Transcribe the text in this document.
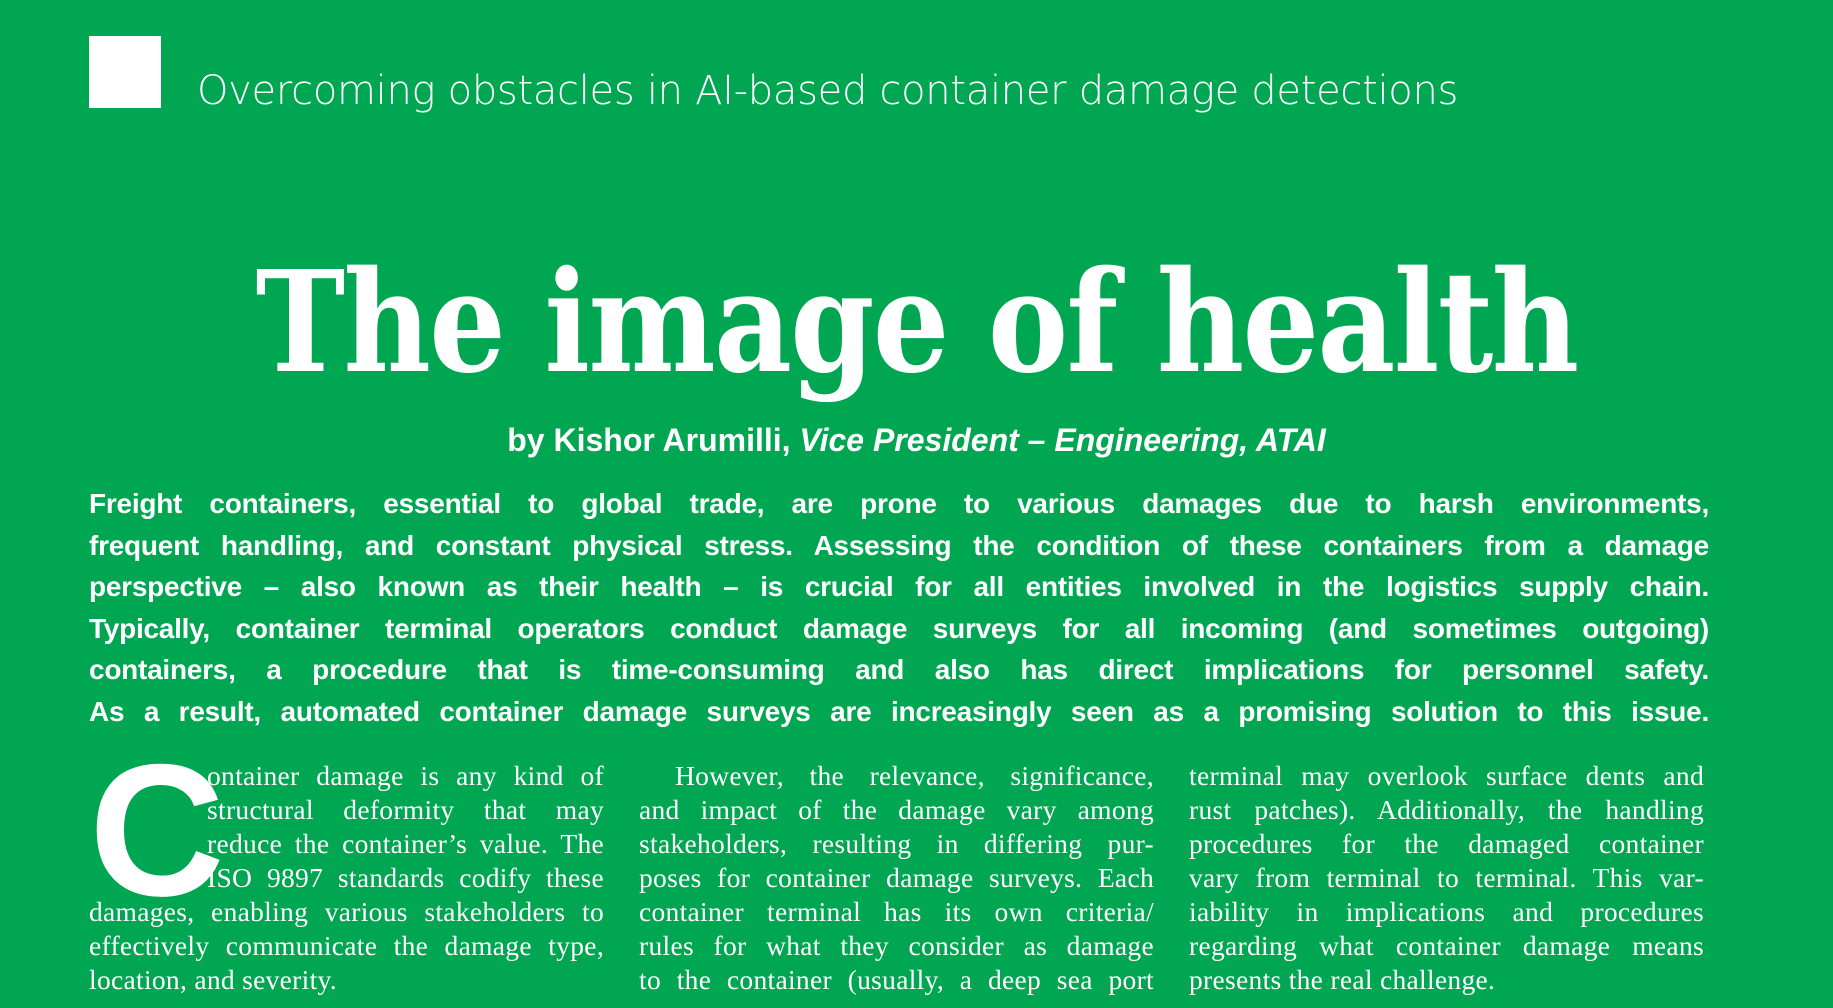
Overcoming obstacles in AI-based container damage detections
The image of health

by Kishor Arumilli, Vice President – Engineering, ATAI

Freight containers, essential to global trade, are prone to various damages due to harsh environments,
frequent handling, and constant physical stress. Assessing the condition of these containers from a damage
perspective – also known as their health – is crucial for all entities involved in the logistics supply chain.
Typically, container terminal operators conduct damage surveys for all incoming (and sometimes outgoing)
containers, a procedure that is time-consuming and also has direct implications for personnel safety.
As a result, automated container damage surveys are increasingly seen as a promising solution to this issue.

C
ontainer damage is any kind of
structural deformity that may
reduce the container’s value. The
ISO 9897 standards codify these
damages, enabling various stakeholders to
effectively communicate the damage type,
location, and severity.
However, the relevance, significance,
and impact of the damage vary among
stakeholders, resulting in differing pur-
poses for container damage surveys. Each
container terminal has its own criteria/
rules for what they consider as damage
to the container (usually, a deep sea port
terminal may overlook surface dents and
rust patches). Additionally, the handling
procedures for the damaged container
vary from terminal to terminal. This var-
iability in implications and procedures
regarding what container damage means
presents the real challenge.
